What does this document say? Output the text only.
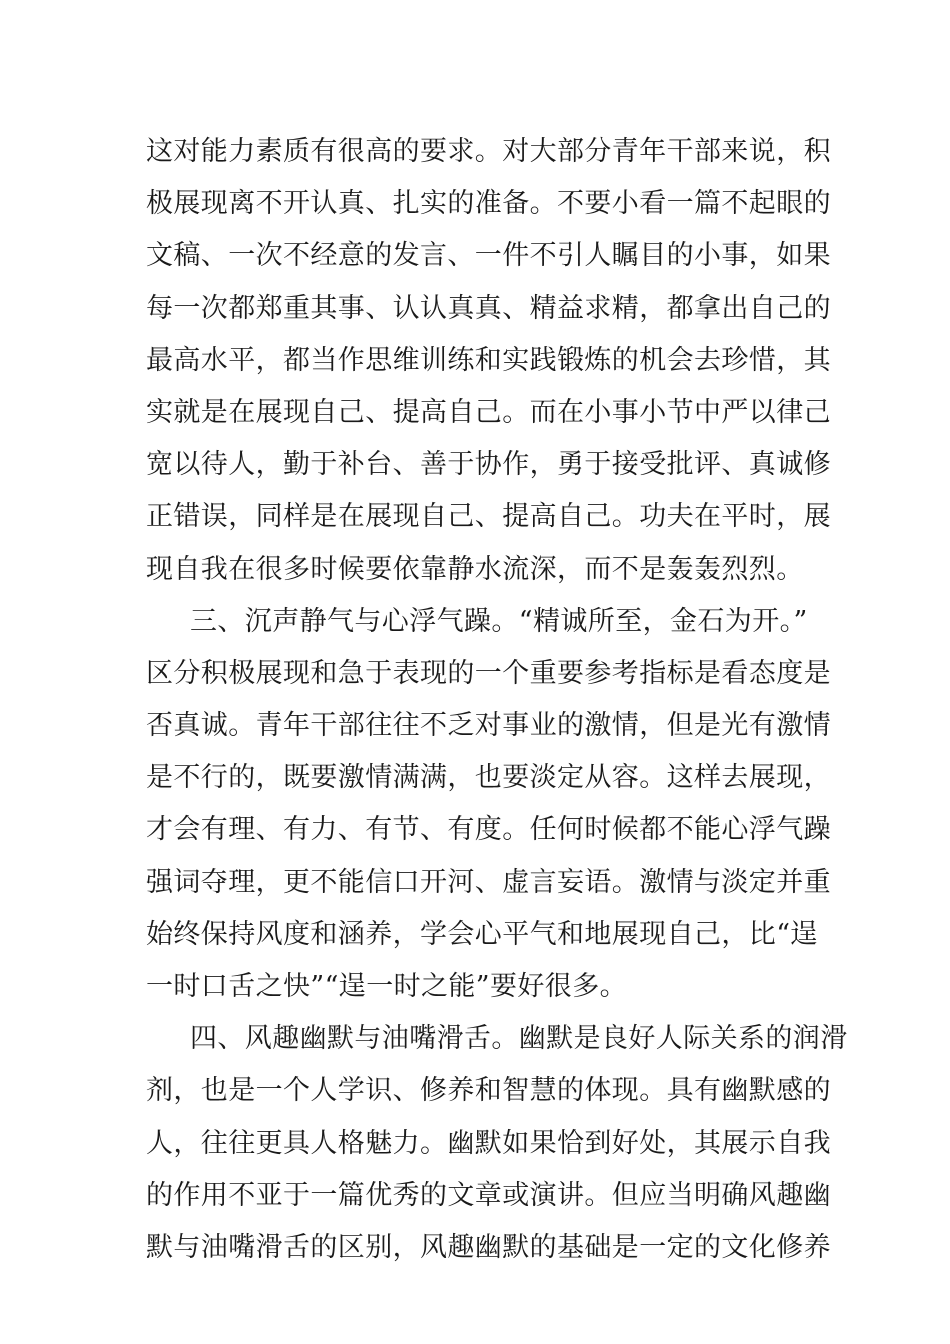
这对能力素质有很高的要求。对大部分青年干部来说，积
极展现离不开认真、扎实的准备。不要小看一篇不起眼的
文稿、一次不经意的发言、一件不引人瞩目的小事，如果
每一次都郑重其事、认认真真、精益求精，都拿出自己的
最高水平，都当作思维训练和实践锻炼的机会去珍惜，其
实就是在展现自己、提高自己。而在小事小节中严以律己
宽以待人，勤于补台、善于协作，勇于接受批评、真诚修
正错误，同样是在展现自己、提高自己。功夫在平时，展
现自我在很多时候要依靠静水流深，而不是轰轰烈烈。
三、沉声静气与心浮气躁。“精诚所至，金石为开。”
区分积极展现和急于表现的一个重要参考指标是看态度是
否真诚。青年干部往往不乏对事业的激情，但是光有激情
是不行的，既要激情满满，也要淡定从容。这样去展现，
才会有理、有力、有节、有度。任何时候都不能心浮气躁
强词夺理，更不能信口开河、虚言妄语。激情与淡定并重
始终保持风度和涵养，学会心平气和地展现自己，比“逞
一时口舌之快”“逞一时之能”要好很多。
四、风趣幽默与油嘴滑舌。幽默是良好人际关系的润滑
剂，也是一个人学识、修养和智慧的体现。具有幽默感的
人，往往更具人格魅力。幽默如果恰到好处，其展示自我
的作用不亚于一篇优秀的文章或演讲。但应当明确风趣幽
默与油嘴滑舌的区别，风趣幽默的基础是一定的文化修养
